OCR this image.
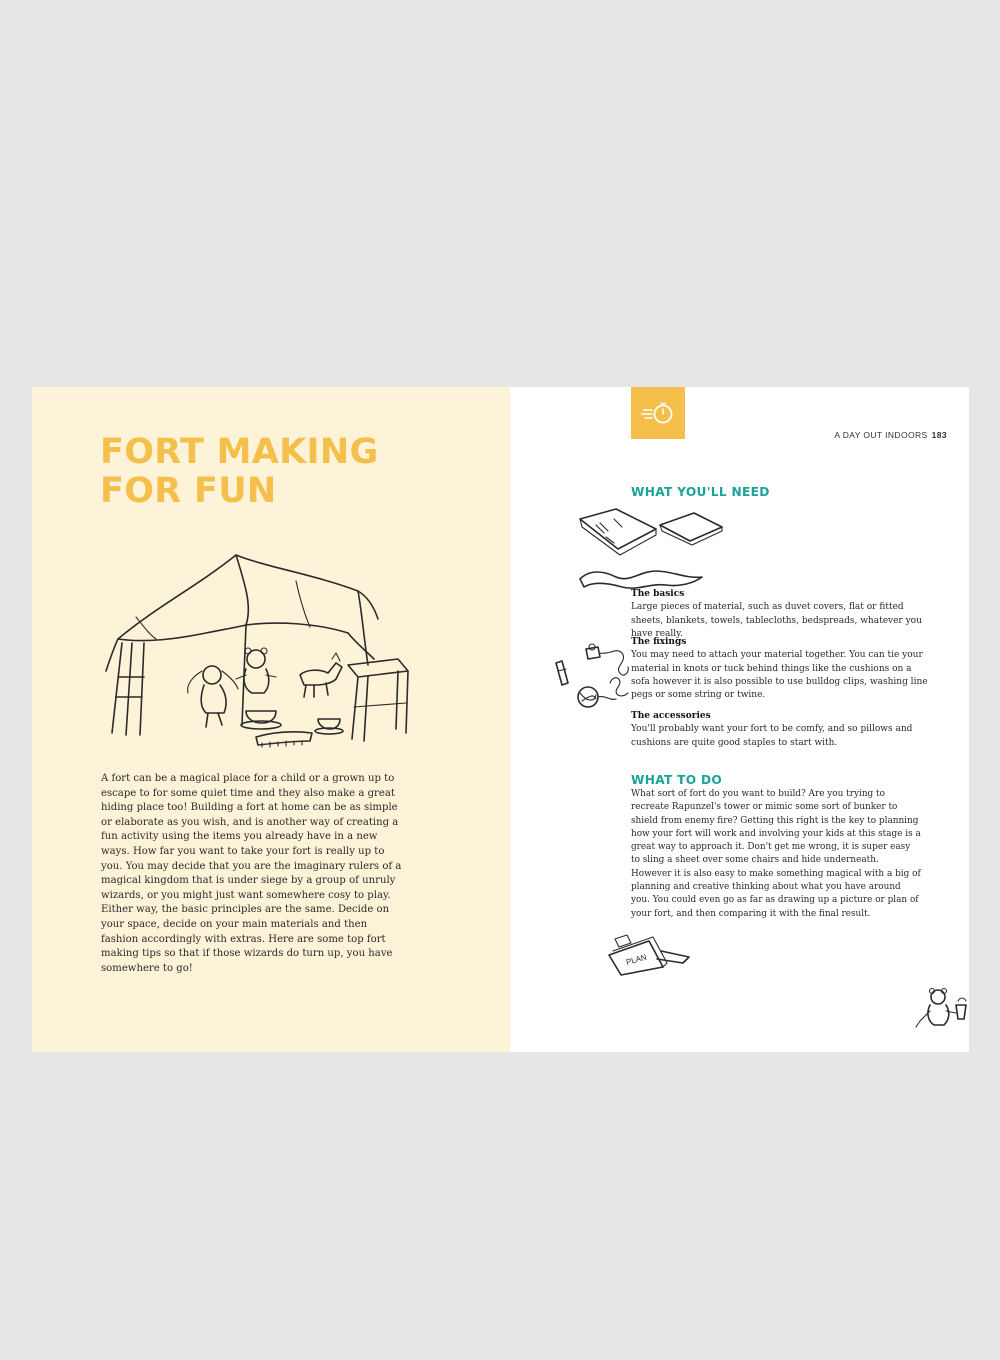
FORT MAKING
FOR FUN

A fort can be a magical place for a child or a grown up to escape to for some quiet time and they also make a great hiding place too! Building a fort at home can be as simple or elaborate as you wish, and is another way of creating a fun activity using the items you already have in a new ways. How far you want to take your fort is really up to you. You may decide that you are the imaginary rulers of a magical kingdom that is under siege by a group of unruly wizards, or you might just want somewhere cosy to play. Either way, the basic principles are the same. Decide on your space, decide on your main materials and then fashion accordingly with extras. Here are some top fort making tips so that if those wizards do turn up, you have somewhere to go!

A DAY OUT INDOORS 183
WHAT YOU'LL NEED
The basics
Large pieces of material, such as duvet covers, flat or fitted sheets, blankets, towels, tablecloths, bedspreads, whatever you have really.
The fixings
You may need to attach your material together. You can tie your material in knots or tuck behind things like the cushions on a sofa however it is also possible to use bulldog clips, washing line pegs or some string or twine.
The accessories
You'll probably want your fort to be comfy, and so pillows and cushions are quite good staples to start with.
WHAT TO DO

What sort of fort do you want to build? Are you trying to recreate Rapunzel's tower or mimic some sort of bunker to shield from enemy fire? Getting this right is the key to planning how your fort will work and involving your kids at this stage is a great way to approach it. Don't get me wrong, it is super easy to sling a sheet over some chairs and hide underneath. However it is also easy to make something magical with a big of planning and creative thinking about what you have around you. You could even go as far as drawing up a picture or plan of your fort, and then comparing it with the final result.

PLAN
